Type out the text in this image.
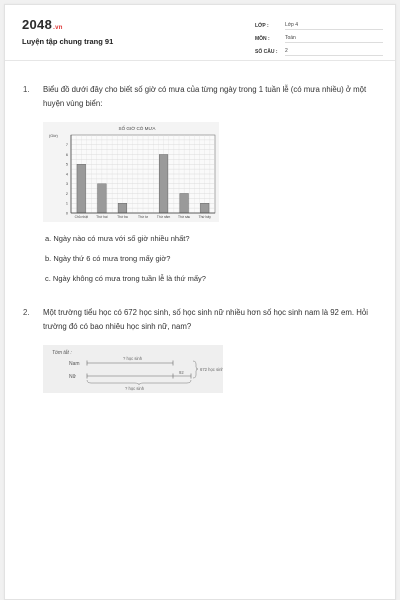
2048.vn
Luyện tập chung trang 91
LỚP :	Lớp 4
MÔN :	Toán
SỐ CÂU :	2
1.	Biểu đồ dưới đây cho biết số giờ có mưa của từng ngày trong 1 tuần lễ (có mưa nhiều) ở một huyện vùng biển:
SỐ GIỜ CÓ MƯA
(Giờ)
0
1
2
3
4
5
6
7
Chủ nhật Thứ hai	Thứ ba	Thứ tư	Thứ năm Thứ sáu	Thứ bảy
a. Ngày nào có mưa với số giờ nhiều nhất?
b. Ngày thứ 6 có mưa trong mấy giờ?
c. Ngày không có mưa trong tuần lễ là thứ mấy?
2.	Một trường tiểu học có 672 học sinh, số học sinh nữ nhiều hơn số học sinh nam là 92 em. Hỏi trường đó có bao nhiêu học sinh nữ, nam?
Tóm tắt :
Nam
Nữ
? học sinh
92
? học sinh
672 học sinh
